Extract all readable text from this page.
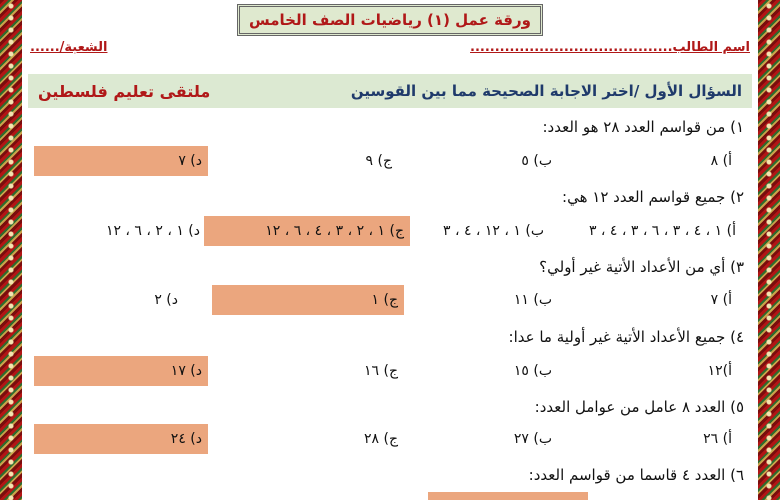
ورقة عمل (١) رياضيات الصف الخامس
اسم الطالب.........................................
الشعبة/......
السؤال الأول /اختر الاجابة الصحيحة مما بين القوسين
ملتقى تعليم فلسطين
١) من قواسم العدد ٢٨ هو العدد:
أ) ٨
ب) ٥
ج) ٩
د) ٧
٢) جميع قواسم العدد ١٢ هي:
أ) ١ ، ٤ ، ٣ ، ٦ ، ٣ ، ٤ ، ٣
ب) ١ ، ١٢ ، ٤ ، ٣
ج) ١ ، ٢ ، ٣ ، ٤ ، ٦ ، ١٢
د) ١ ، ٢ ، ٦ ، ١٢
٣) أي من الأعداد الأتية غير أولي؟
أ) ٧
ب) ١١
ج) ١
د) ٢
٤) جميع الأعداد الأتية غير أولية ما عدا:
أ)١٢
ب) ١٥
ج) ١٦
د) ١٧
٥) العدد ٨ عامل من عوامل العدد:
أ) ٢٦
ب) ٢٧
ج) ٢٨
د) ٢٤
٦) العدد ٤ قاسما من قواسم العدد:
